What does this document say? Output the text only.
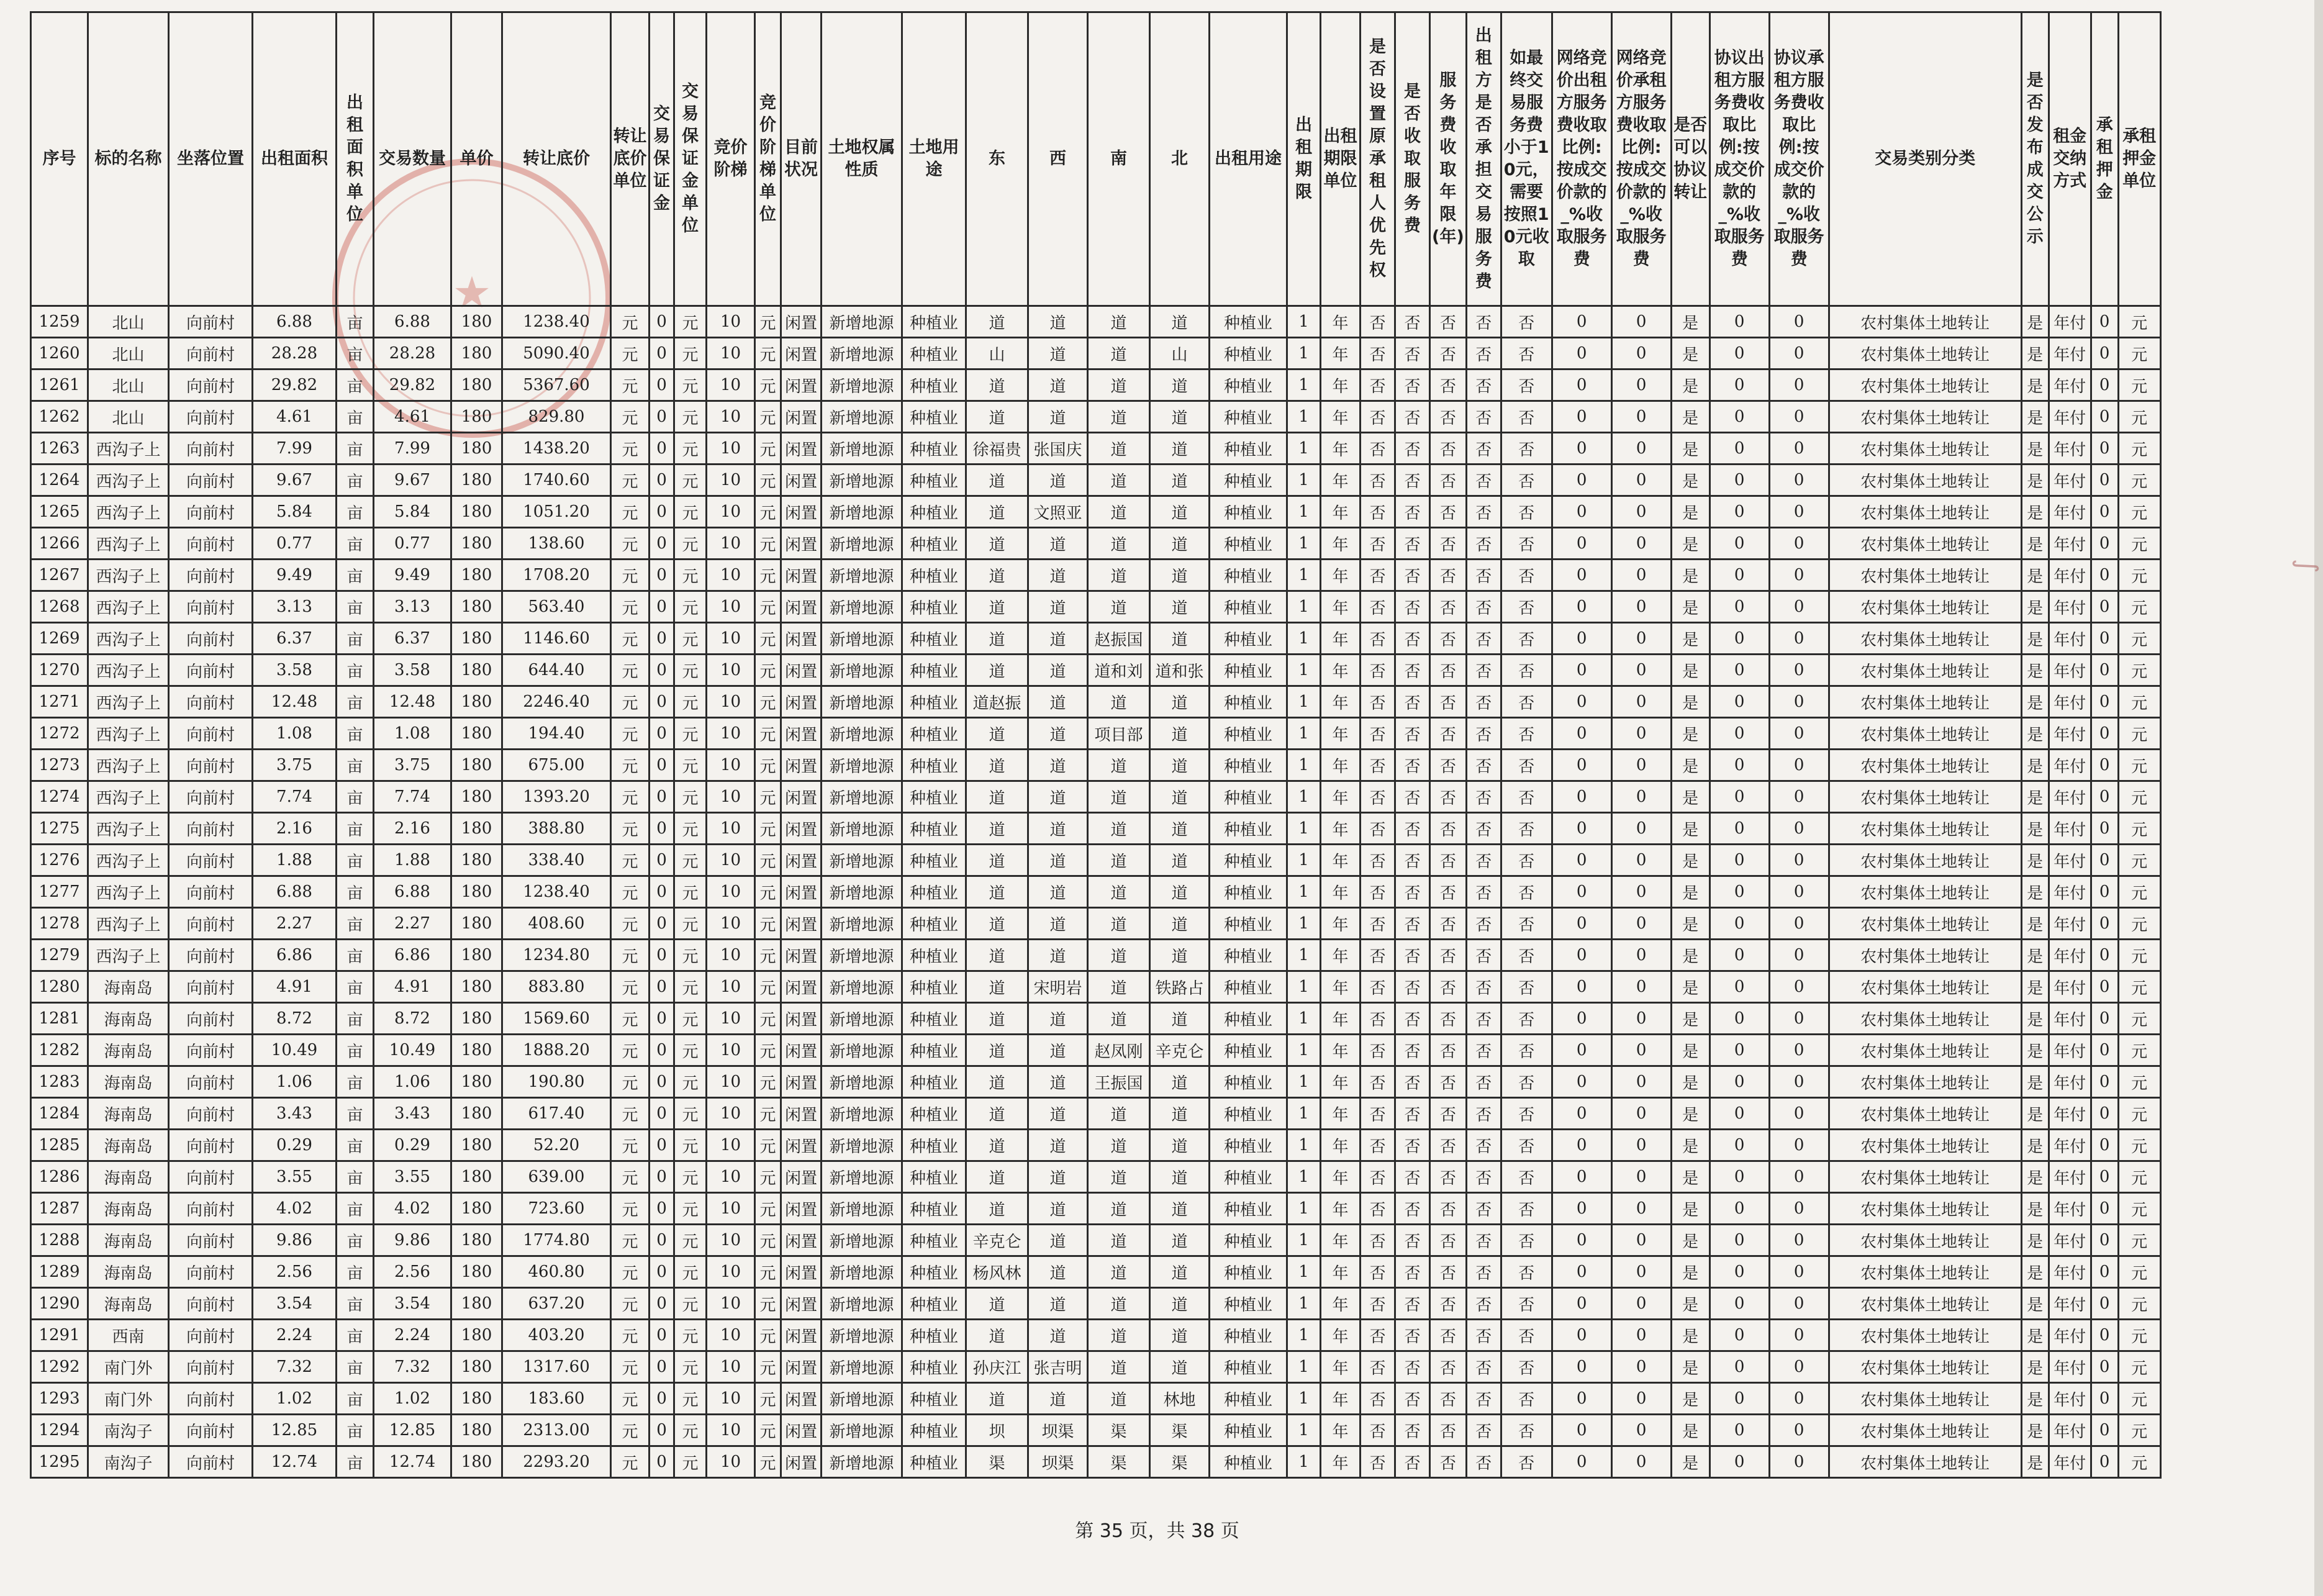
★
序号	标的名称	坐落位置	出租面积	出租面积单位	交易数量	单价	转让底价	转让底价单位	交易保证金	交易保证金单位	竞价阶梯	竞价阶梯单位	目前状况	土地权属性质	土地用途	东	西	南	北	出租用途	出租期限	出租期限单位	是否设置原承租人优先权	是否收取服务费	服务费收取年限(年)	出租方是否承担交易服务费	如最终交易服务费小于10元，需要按照10元收取	网络竞价出租方服务费收取比例:按成交价款的_%收取服务费	网络竞价承租方服务费收取比例:按成交价款的_%收取服务费	是否可以协议转让	协议出租方服务费收取比例:按成交价款的_%收取服务费	协议承租方服务费收取比例:按成交价款的_%收取服务费	交易类别分类	是否发布成交公示	租金交纳方式	承租押金	承租押金单位
1259	北山	向前村	6.88	亩	6.88	180	1238.40	元	0	元	10	元	闲置	新增地源	种植业	道	道	道	道	种植业	1	年	否	否	否	否	否	0	0	是	0	0	农村集体土地转让	是	年付	0	元
1260	北山	向前村	28.28	亩	28.28	180	5090.40	元	0	元	10	元	闲置	新增地源	种植业	山	道	道	山	种植业	1	年	否	否	否	否	否	0	0	是	0	0	农村集体土地转让	是	年付	0	元
1261	北山	向前村	29.82	亩	29.82	180	5367.60	元	0	元	10	元	闲置	新增地源	种植业	道	道	道	道	种植业	1	年	否	否	否	否	否	0	0	是	0	0	农村集体土地转让	是	年付	0	元
1262	北山	向前村	4.61	亩	4.61	180	829.80	元	0	元	10	元	闲置	新增地源	种植业	道	道	道	道	种植业	1	年	否	否	否	否	否	0	0	是	0	0	农村集体土地转让	是	年付	0	元
1263	西沟子上	向前村	7.99	亩	7.99	180	1438.20	元	0	元	10	元	闲置	新增地源	种植业	徐福贵	张国庆	道	道	种植业	1	年	否	否	否	否	否	0	0	是	0	0	农村集体土地转让	是	年付	0	元
1264	西沟子上	向前村	9.67	亩	9.67	180	1740.60	元	0	元	10	元	闲置	新增地源	种植业	道	道	道	道	种植业	1	年	否	否	否	否	否	0	0	是	0	0	农村集体土地转让	是	年付	0	元
1265	西沟子上	向前村	5.84	亩	5.84	180	1051.20	元	0	元	10	元	闲置	新增地源	种植业	道	文照亚	道	道	种植业	1	年	否	否	否	否	否	0	0	是	0	0	农村集体土地转让	是	年付	0	元
1266	西沟子上	向前村	0.77	亩	0.77	180	138.60	元	0	元	10	元	闲置	新增地源	种植业	道	道	道	道	种植业	1	年	否	否	否	否	否	0	0	是	0	0	农村集体土地转让	是	年付	0	元
1267	西沟子上	向前村	9.49	亩	9.49	180	1708.20	元	0	元	10	元	闲置	新增地源	种植业	道	道	道	道	种植业	1	年	否	否	否	否	否	0	0	是	0	0	农村集体土地转让	是	年付	0	元
1268	西沟子上	向前村	3.13	亩	3.13	180	563.40	元	0	元	10	元	闲置	新增地源	种植业	道	道	道	道	种植业	1	年	否	否	否	否	否	0	0	是	0	0	农村集体土地转让	是	年付	0	元
1269	西沟子上	向前村	6.37	亩	6.37	180	1146.60	元	0	元	10	元	闲置	新增地源	种植业	道	道	赵振国	道	种植业	1	年	否	否	否	否	否	0	0	是	0	0	农村集体土地转让	是	年付	0	元
1270	西沟子上	向前村	3.58	亩	3.58	180	644.40	元	0	元	10	元	闲置	新增地源	种植业	道	道	道和刘	道和张	种植业	1	年	否	否	否	否	否	0	0	是	0	0	农村集体土地转让	是	年付	0	元
1271	西沟子上	向前村	12.48	亩	12.48	180	2246.40	元	0	元	10	元	闲置	新增地源	种植业	道赵振	道	道	道	种植业	1	年	否	否	否	否	否	0	0	是	0	0	农村集体土地转让	是	年付	0	元
1272	西沟子上	向前村	1.08	亩	1.08	180	194.40	元	0	元	10	元	闲置	新增地源	种植业	道	道	项目部	道	种植业	1	年	否	否	否	否	否	0	0	是	0	0	农村集体土地转让	是	年付	0	元
1273	西沟子上	向前村	3.75	亩	3.75	180	675.00	元	0	元	10	元	闲置	新增地源	种植业	道	道	道	道	种植业	1	年	否	否	否	否	否	0	0	是	0	0	农村集体土地转让	是	年付	0	元
1274	西沟子上	向前村	7.74	亩	7.74	180	1393.20	元	0	元	10	元	闲置	新增地源	种植业	道	道	道	道	种植业	1	年	否	否	否	否	否	0	0	是	0	0	农村集体土地转让	是	年付	0	元
1275	西沟子上	向前村	2.16	亩	2.16	180	388.80	元	0	元	10	元	闲置	新增地源	种植业	道	道	道	道	种植业	1	年	否	否	否	否	否	0	0	是	0	0	农村集体土地转让	是	年付	0	元
1276	西沟子上	向前村	1.88	亩	1.88	180	338.40	元	0	元	10	元	闲置	新增地源	种植业	道	道	道	道	种植业	1	年	否	否	否	否	否	0	0	是	0	0	农村集体土地转让	是	年付	0	元
1277	西沟子上	向前村	6.88	亩	6.88	180	1238.40	元	0	元	10	元	闲置	新增地源	种植业	道	道	道	道	种植业	1	年	否	否	否	否	否	0	0	是	0	0	农村集体土地转让	是	年付	0	元
1278	西沟子上	向前村	2.27	亩	2.27	180	408.60	元	0	元	10	元	闲置	新增地源	种植业	道	道	道	道	种植业	1	年	否	否	否	否	否	0	0	是	0	0	农村集体土地转让	是	年付	0	元
1279	西沟子上	向前村	6.86	亩	6.86	180	1234.80	元	0	元	10	元	闲置	新增地源	种植业	道	道	道	道	种植业	1	年	否	否	否	否	否	0	0	是	0	0	农村集体土地转让	是	年付	0	元
1280	海南岛	向前村	4.91	亩	4.91	180	883.80	元	0	元	10	元	闲置	新增地源	种植业	道	宋明岩	道	铁路占	种植业	1	年	否	否	否	否	否	0	0	是	0	0	农村集体土地转让	是	年付	0	元
1281	海南岛	向前村	8.72	亩	8.72	180	1569.60	元	0	元	10	元	闲置	新增地源	种植业	道	道	道	道	种植业	1	年	否	否	否	否	否	0	0	是	0	0	农村集体土地转让	是	年付	0	元
1282	海南岛	向前村	10.49	亩	10.49	180	1888.20	元	0	元	10	元	闲置	新增地源	种植业	道	道	赵凤刚	辛克仑	种植业	1	年	否	否	否	否	否	0	0	是	0	0	农村集体土地转让	是	年付	0	元
1283	海南岛	向前村	1.06	亩	1.06	180	190.80	元	0	元	10	元	闲置	新增地源	种植业	道	道	王振国	道	种植业	1	年	否	否	否	否	否	0	0	是	0	0	农村集体土地转让	是	年付	0	元
1284	海南岛	向前村	3.43	亩	3.43	180	617.40	元	0	元	10	元	闲置	新增地源	种植业	道	道	道	道	种植业	1	年	否	否	否	否	否	0	0	是	0	0	农村集体土地转让	是	年付	0	元
1285	海南岛	向前村	0.29	亩	0.29	180	52.20	元	0	元	10	元	闲置	新增地源	种植业	道	道	道	道	种植业	1	年	否	否	否	否	否	0	0	是	0	0	农村集体土地转让	是	年付	0	元
1286	海南岛	向前村	3.55	亩	3.55	180	639.00	元	0	元	10	元	闲置	新增地源	种植业	道	道	道	道	种植业	1	年	否	否	否	否	否	0	0	是	0	0	农村集体土地转让	是	年付	0	元
1287	海南岛	向前村	4.02	亩	4.02	180	723.60	元	0	元	10	元	闲置	新增地源	种植业	道	道	道	道	种植业	1	年	否	否	否	否	否	0	0	是	0	0	农村集体土地转让	是	年付	0	元
1288	海南岛	向前村	9.86	亩	9.86	180	1774.80	元	0	元	10	元	闲置	新增地源	种植业	辛克仑	道	道	道	种植业	1	年	否	否	否	否	否	0	0	是	0	0	农村集体土地转让	是	年付	0	元
1289	海南岛	向前村	2.56	亩	2.56	180	460.80	元	0	元	10	元	闲置	新增地源	种植业	杨风林	道	道	道	种植业	1	年	否	否	否	否	否	0	0	是	0	0	农村集体土地转让	是	年付	0	元
1290	海南岛	向前村	3.54	亩	3.54	180	637.20	元	0	元	10	元	闲置	新增地源	种植业	道	道	道	道	种植业	1	年	否	否	否	否	否	0	0	是	0	0	农村集体土地转让	是	年付	0	元
1291	西南	向前村	2.24	亩	2.24	180	403.20	元	0	元	10	元	闲置	新增地源	种植业	道	道	道	道	种植业	1	年	否	否	否	否	否	0	0	是	0	0	农村集体土地转让	是	年付	0	元
1292	南门外	向前村	7.32	亩	7.32	180	1317.60	元	0	元	10	元	闲置	新增地源	种植业	孙庆江	张吉明	道	道	种植业	1	年	否	否	否	否	否	0	0	是	0	0	农村集体土地转让	是	年付	0	元
1293	南门外	向前村	1.02	亩	1.02	180	183.60	元	0	元	10	元	闲置	新增地源	种植业	道	道	道	林地	种植业	1	年	否	否	否	否	否	0	0	是	0	0	农村集体土地转让	是	年付	0	元
1294	南沟子	向前村	12.85	亩	12.85	180	2313.00	元	0	元	10	元	闲置	新增地源	种植业	坝	坝渠	渠	渠	种植业	1	年	否	否	否	否	否	0	0	是	0	0	农村集体土地转让	是	年付	0	元
1295	南沟子	向前村	12.74	亩	12.74	180	2293.20	元	0	元	10	元	闲置	新增地源	种植业	渠	坝渠	渠	渠	种植业	1	年	否	否	否	否	否	0	0	是	0	0	农村集体土地转让	是	年付	0	元
第 35 页，共 38 页
∫
